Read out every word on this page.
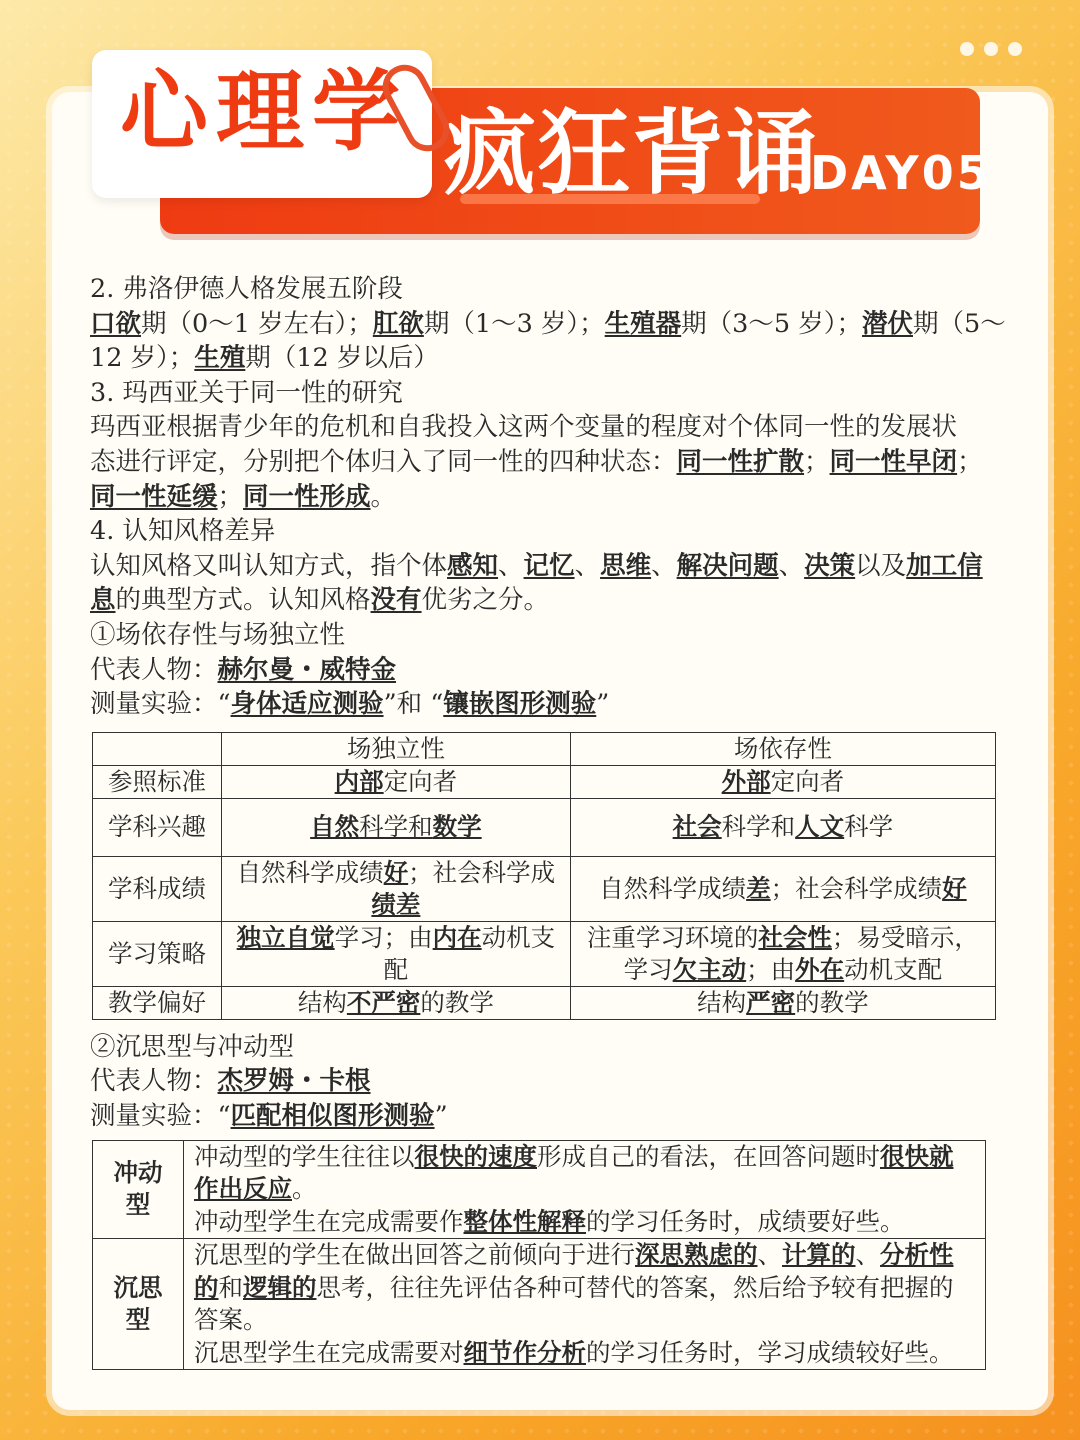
疯狂背诵
DAY05
心理学
2. 弗洛伊德人格发展五阶段
口欲期（0～1 岁左右）；肛欲期（1～3 岁）；生殖器期（3～5 岁）；潜伏期（5～
12 岁）；生殖期（12 岁以后）
3. 玛西亚关于同一性的研究
玛西亚根据青少年的危机和自我投入这两个变量的程度对个体同一性的发展状
态进行评定，分别把个体归入了同一性的四种状态：同一性扩散；同一性早闭；
同一性延缓；同一性形成。
4. 认知风格差异
认知风格又叫认知方式，指个体感知、记忆、思维、解决问题、决策以及加工信
息的典型方式。认知风格没有优劣之分。
①场依存性与场独立性
代表人物：赫尔曼・威特金
测量实验：“身体适应测验”和 “镶嵌图形测验”
	场独立性	场依存性
参照标准	内部定向者	外部定向者
学科兴趣	自然科学和数学	社会科学和人文科学
学科成绩	自然科学成绩好；社会科学成
绩差	自然科学成绩差；社会科学成绩好
学习策略	独立自觉学习；由内在动机支
配	注重学习环境的社会性；易受暗示，
学习欠主动；由外在动机支配
教学偏好	结构不严密的教学	结构严密的教学
②沉思型与冲动型
代表人物：杰罗姆・卡根
测量实验：“匹配相似图形测验”
冲动
型	冲动型的学生往往以很快的速度形成自己的看法，在回答问题时很快就
作出反应。
冲动型学生在完成需要作整体性解释的学习任务时，成绩要好些。
沉思
型	沉思型的学生在做出回答之前倾向于进行深思熟虑的、计算的、分析性
的和逻辑的思考，往往先评估各种可替代的答案，然后给予较有把握的
答案。
沉思型学生在完成需要对细节作分析的学习任务时，学习成绩较好些。
